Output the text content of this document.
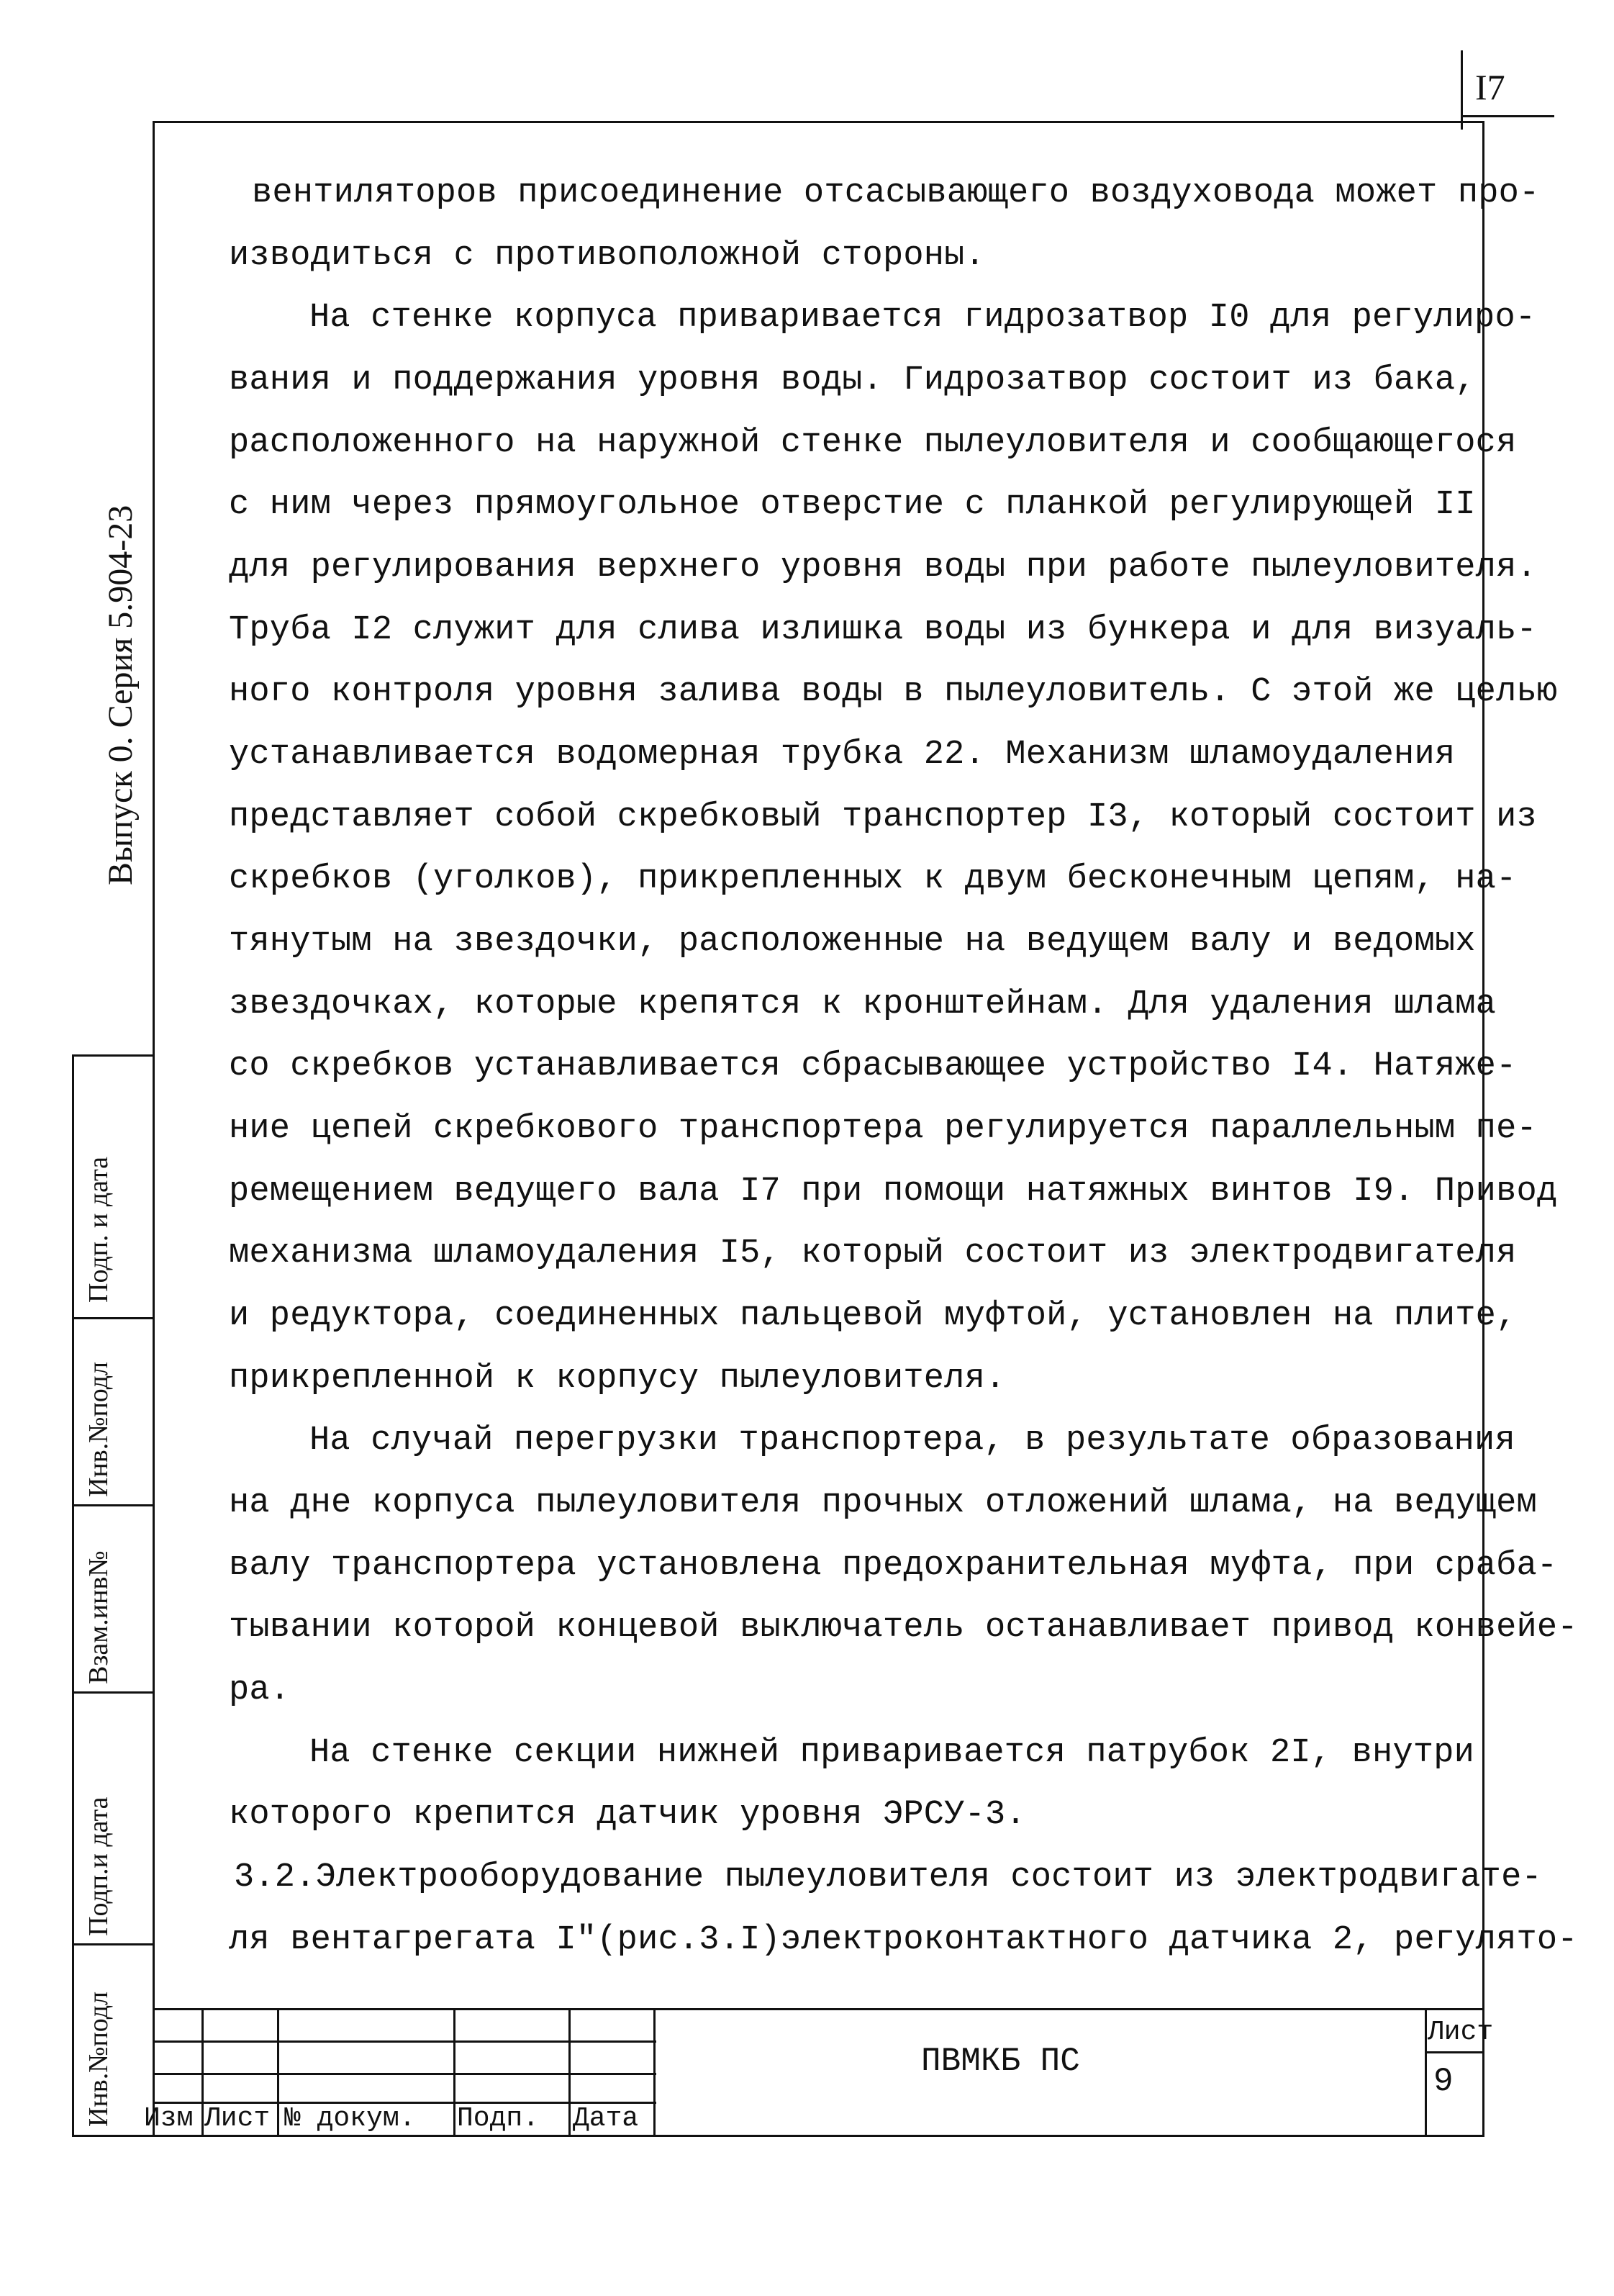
I7
Выпуск 0. Серия 5.904-23
Подп. и дата
Инв.№подл
Взам.инв№
Подп.и дата
Инв.№подл
вентиляторов присоединение отсасывающего воздуховода может про-
изводиться с противоположной стороны.
На стенке корпуса приваривается гидрозатвор I0 для регулиро-
вания и поддержания уровня воды. Гидрозатвор состоит из бака,
расположенного на наружной стенке пылеуловителя и сообщающегося
с ним через прямоугольное отверстие с планкой регулирующей II
для регулирования верхнего уровня воды при работе пылеуловителя.
Труба I2 служит для слива излишка воды из бункера и для визуаль-
ного контроля уровня залива воды в пылеуловитель. С этой же целью
устанавливается водомерная трубка 22. Механизм шламоудаления
представляет собой скребковый транспортер I3, который состоит из
скребков (уголков), прикрепленных к двум бесконечным цепям, на-
тянутым на звездочки, расположенные на ведущем валу и ведомых
звездочках, которые крепятся к кронштейнам. Для удаления шлама
со скребков устанавливается сбрасывающее устройство I4. Натяже-
ние цепей скребкового транспортера регулируется параллельным пе-
ремещением ведущего вала I7 при помощи натяжных винтов I9. Привод
механизма шламоудаления I5, который состоит из электродвигателя
и редуктора, соединенных пальцевой муфтой, установлен на плите,
прикрепленной к корпусу пылеуловителя.
На случай перегрузки транспортера, в результате образования
на дне корпуса пылеуловителя прочных отложений шлама, на ведущем
валу транспортера установлена предохранительная муфта, при сраба-
тывании которой концевой выключатель останавливает привод конвейе-
ра.
На стенке секции нижней приваривается патрубок 2I, внутри
которого крепится датчик уровня ЭРСУ-3.
3.2.Электрооборудование пылеуловителя состоит из электродвигате-
ля вентагрегата I"(рис.3.I)электроконтактного датчика 2, регулято-
Изм Лист № докум. Подп. Дата
ПВМКБ ПС
Лист
9
